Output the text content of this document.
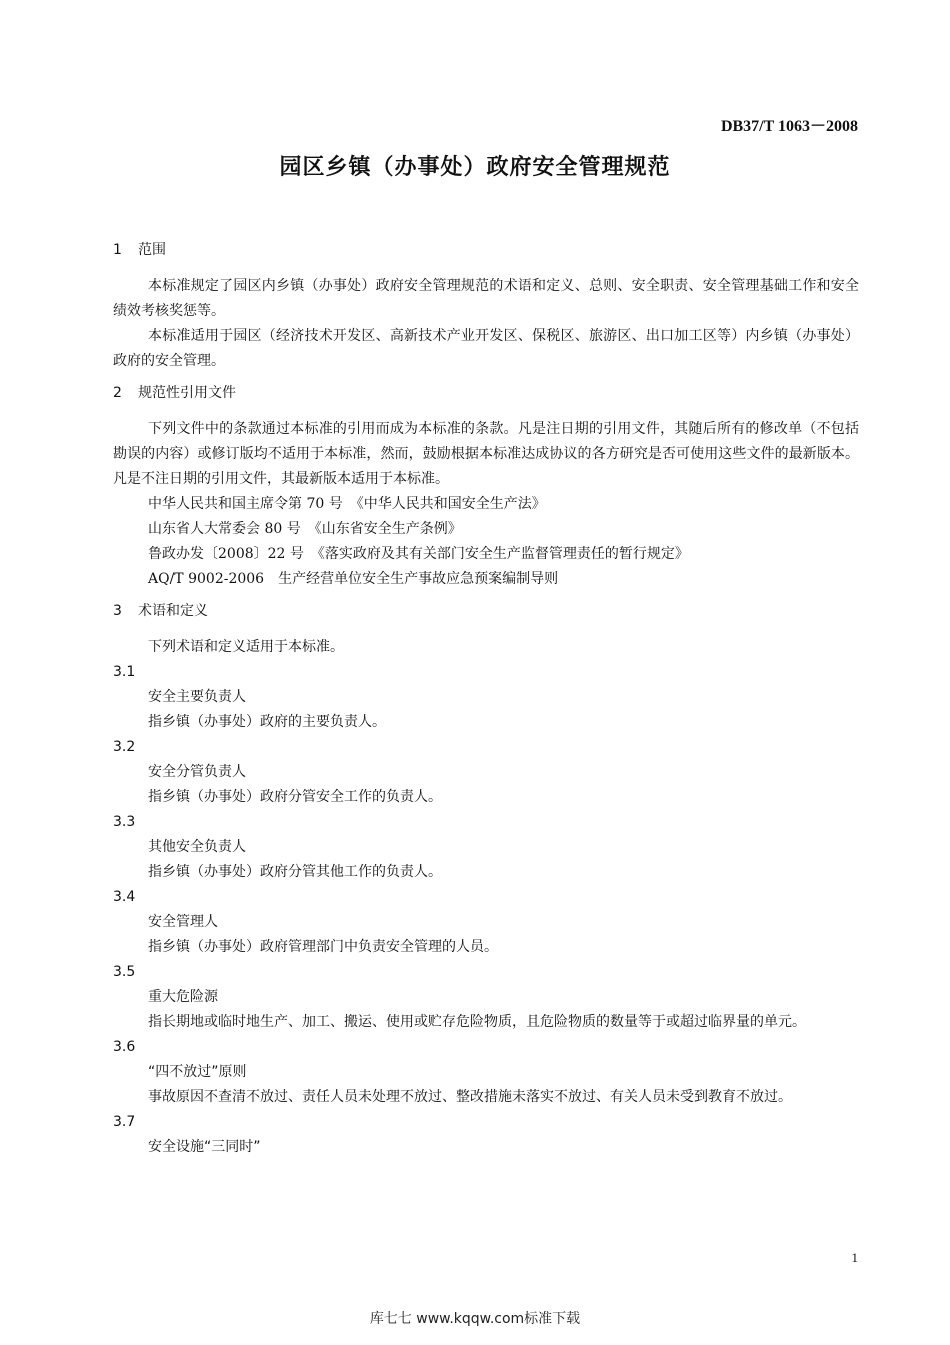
DB37/T 1063－2008
园区乡镇（办事处）政府安全管理规范

1 范围

本标准规定了园区内乡镇（办事处）政府安全管理规范的术语和定义、总则、安全职责、安全管理基础工作和安全绩效考核奖惩等。

本标准适用于园区（经济技术开发区、高新技术产业开发区、保税区、旅游区、出口加工区等）内乡镇（办事处）政府的安全管理。

2 规范性引用文件

下列文件中的条款通过本标准的引用而成为本标准的条款。凡是注日期的引用文件，其随后所有的修改单（不包括勘误的内容）或修订版均不适用于本标准，然而，鼓励根据本标准达成协议的各方研究是否可使用这些文件的最新版本。凡是不注日期的引用文件，其最新版本适用于本标准。

中华人民共和国主席令第 70 号　《中华人民共和国安全生产法》

山东省人大常委会 80 号　《山东省安全生产条例》

鲁政办发〔2008〕22 号　《落实政府及其有关部门安全生产监督管理责任的暂行规定》

AQ/T 9002-2006　生产经营单位安全生产事故应急预案编制导则

3 术语和定义

下列术语和定义适用于本标准。

3.1

安全主要负责人

指乡镇（办事处）政府的主要负责人。

3.2

安全分管负责人

指乡镇（办事处）政府分管安全工作的负责人。

3.3

其他安全负责人

指乡镇（办事处）政府分管其他工作的负责人。

3.4

安全管理人

指乡镇（办事处）政府管理部门中负责安全管理的人员。

3.5

重大危险源

指长期地或临时地生产、加工、搬运、使用或贮存危险物质，且危险物质的数量等于或超过临界量的单元。

3.6

“四不放过”原则

事故原因不查清不放过、责任人员未处理不放过、整改措施未落实不放过、有关人员未受到教育不放过。

3.7

安全设施“三同时”

1
库七七 www.kqqw.com标准下载
